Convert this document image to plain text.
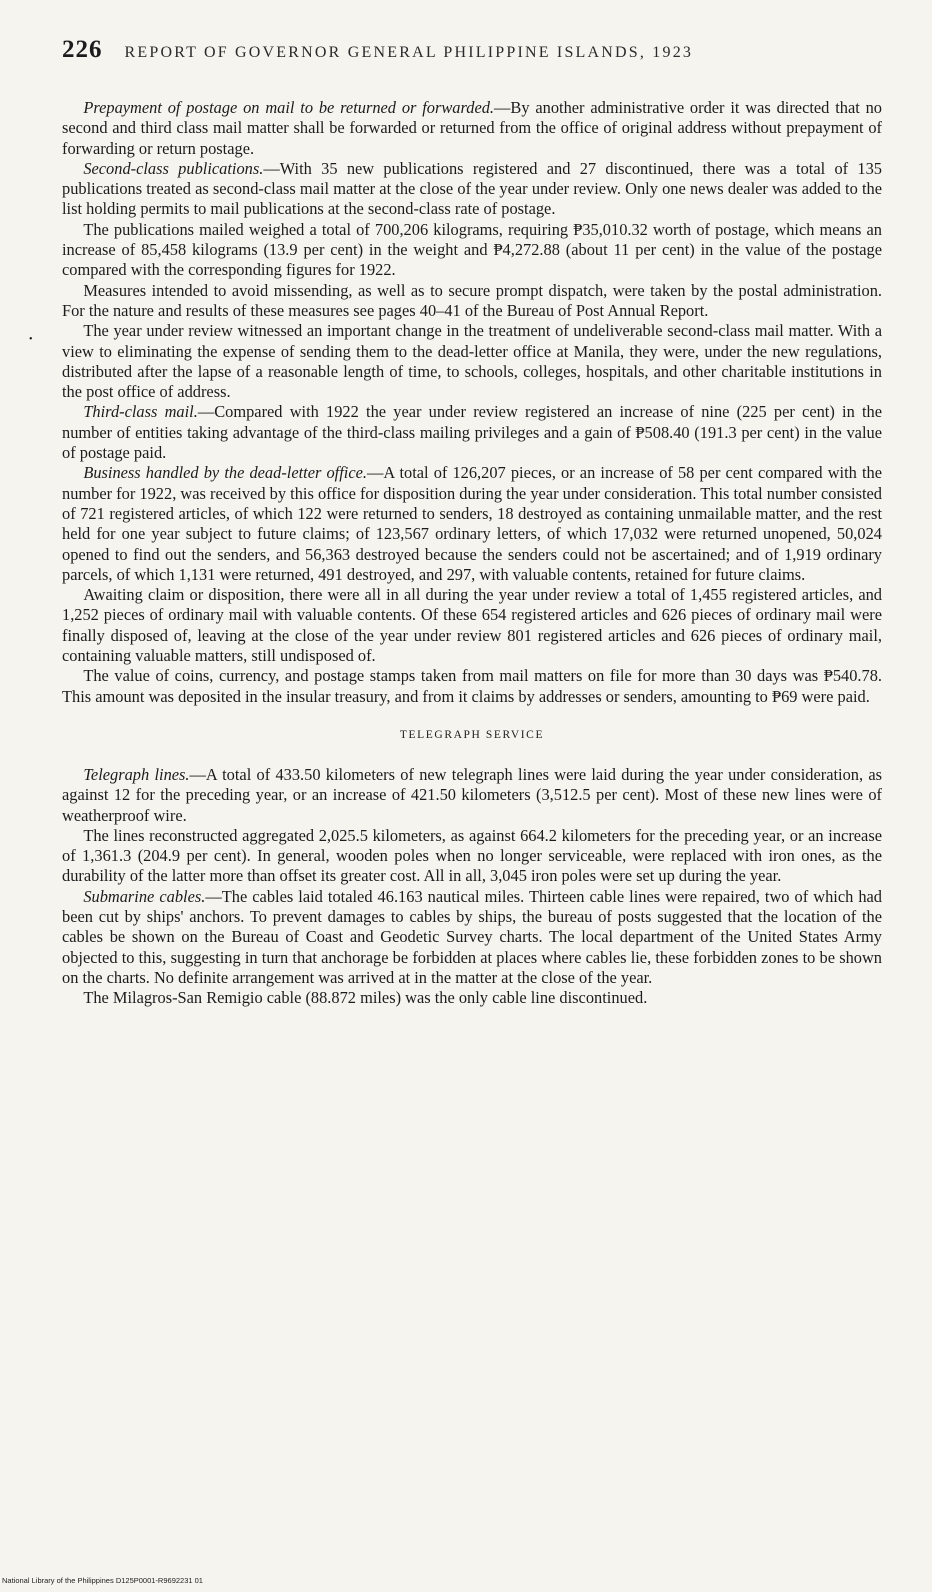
•
226 REPORT OF GOVERNOR GENERAL PHILIPPINE ISLANDS, 1923

Prepayment of postage on mail to be returned or forwarded.—By another administrative order it was directed that no second and third class mail matter shall be forwarded or returned from the office of original address without prepayment of forwarding or return postage.

Second-class publications.—With 35 new publications registered and 27 discontinued, there was a total of 135 publications treated as second-class mail matter at the close of the year under review. Only one news dealer was added to the list holding permits to mail publications at the second-class rate of postage.

The publications mailed weighed a total of 700,206 kilograms, requiring ₱35,010.32 worth of postage, which means an increase of 85,458 kilograms (13.9 per cent) in the weight and ₱4,272.88 (about 11 per cent) in the value of the postage compared with the corresponding figures for 1922.

Measures intended to avoid missending, as well as to secure prompt dispatch, were taken by the postal administration. For the nature and results of these measures see pages 40–41 of the Bureau of Post Annual Report.

The year under review witnessed an important change in the treatment of undeliverable second-class mail matter. With a view to eliminating the expense of sending them to the dead-letter office at Manila, they were, under the new regulations, distributed after the lapse of a reasonable length of time, to schools, colleges, hospitals, and other charitable institutions in the post office of address.

Third-class mail.—Compared with 1922 the year under review registered an increase of nine (225 per cent) in the number of entities taking advantage of the third-class mailing privileges and a gain of ₱508.40 (191.3 per cent) in the value of postage paid.

Business handled by the dead-letter office.—A total of 126,207 pieces, or an increase of 58 per cent compared with the number for 1922, was received by this office for disposition during the year under consideration. This total number consisted of 721 registered articles, of which 122 were returned to senders, 18 destroyed as containing unmailable matter, and the rest held for one year subject to future claims; of 123,567 ordinary letters, of which 17,032 were returned unopened, 50,024 opened to find out the senders, and 56,363 destroyed because the senders could not be ascertained; and of 1,919 ordinary parcels, of which 1,131 were returned, 491 destroyed, and 297, with valuable contents, retained for future claims.

Awaiting claim or disposition, there were all in all during the year under review a total of 1,455 registered articles, and 1,252 pieces of ordinary mail with valuable contents. Of these 654 registered articles and 626 pieces of ordinary mail were finally disposed of, leaving at the close of the year under review 801 registered articles and 626 pieces of ordinary mail, containing valuable matters, still undisposed of.

The value of coins, currency, and postage stamps taken from mail matters on file for more than 30 days was ₱540.78. This amount was deposited in the insular treasury, and from it claims by addresses or senders, amounting to ₱69 were paid.

TELEGRAPH SERVICE

Telegraph lines.—A total of 433.50 kilometers of new telegraph lines were laid during the year under consideration, as against 12 for the preceding year, or an increase of 421.50 kilometers (3,512.5 per cent). Most of these new lines were of weatherproof wire.

The lines reconstructed aggregated 2,025.5 kilometers, as against 664.2 kilometers for the preceding year, or an increase of 1,361.3 (204.9 per cent). In general, wooden poles when no longer serviceable, were replaced with iron ones, as the durability of the latter more than offset its greater cost. All in all, 3,045 iron poles were set up during the year.

Submarine cables.—The cables laid totaled 46.163 nautical miles. Thirteen cable lines were repaired, two of which had been cut by ships' anchors. To prevent damages to cables by ships, the bureau of posts suggested that the location of the cables be shown on the Bureau of Coast and Geodetic Survey charts. The local department of the United States Army objected to this, suggesting in turn that anchorage be forbidden at places where cables lie, these forbidden zones to be shown on the charts. No definite arrangement was arrived at in the matter at the close of the year.

The Milagros-San Remigio cable (88.872 miles) was the only cable line discontinued.

National Library of the Philippines D125P0001-R9692231 01
